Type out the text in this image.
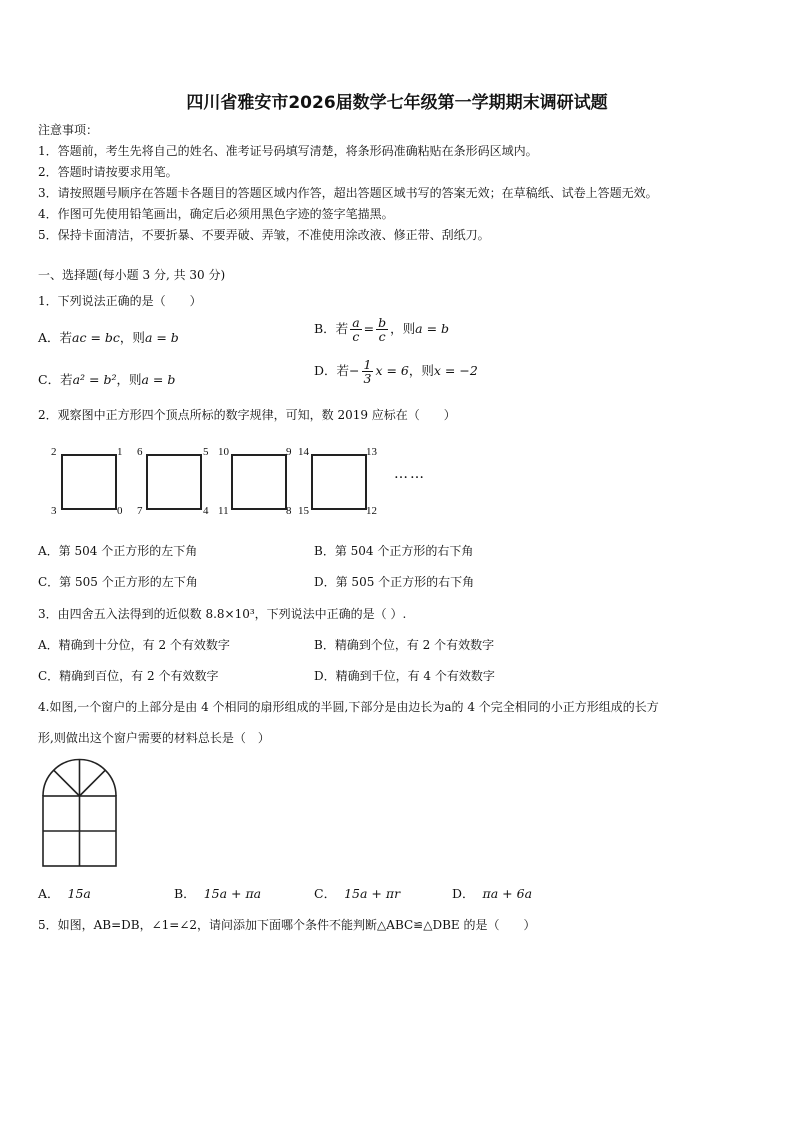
四川省雅安市2026届数学七年级第一学期期末调研试题
注意事项：
1．答题前，考生先将自己的姓名、准考证号码填写清楚，将条形码准确粘贴在条形码区域内。
2．答题时请按要求用笔。
3．请按照题号顺序在答题卡各题目的答题区域内作答，超出答题区域书写的答案无效；在草稿纸、试卷上答题无效。
4．作图可先使用铅笔画出，确定后必须用黑色字迹的签字笔描黑。
5．保持卡面清洁，不要折暴、不要弄破、弄皱，不准使用涂改液、修正带、刮纸刀。
一、选择题(每小题 3 分, 共 30 分)
1．下列说法正确的是（　　）
A．若ac = bc，则a = b
B．若 $\frac{a}{c} = \frac{b}{c}$ ，则a = b
C．若a² = b²，则a = b
D．若− $\frac{1}{3}$ x = 6，则x = −2
2．观察图中正方形四个顶点所标的数字规律，可知，数 2019 应标在（　　）
2	1
3	0
6	5
7	4
10	9
11	8
14	13
15	12
……
A．第 504 个正方形的左下角	B．第 504 个正方形的右下角
C．第 505 个正方形的左下角	D．第 505 个正方形的右下角
3．由四舍五入法得到的近似数 8.8×10³，下列说法中正确的是（ ）.
A．精确到十分位，有 2 个有效数字	B．精确到个位，有 2 个有效数字
C．精确到百位，有 2 个有效数字	D．精确到千位，有 4 个有效数字
4.如图,一个窗户的上部分是由 4 个相同的扇形组成的半圆,下部分是由边长为a的 4 个完全相同的小正方形组成的长方
形,则做出这个窗户需要的材料总长是（　）
A． 15a	B． 15a + πa	C． 15a + πr	D． πa + 6a
5．如图，AB=DB，∠1=∠2，请问添加下面哪个条件不能判断△ABC≌△DBE 的是（　　）
